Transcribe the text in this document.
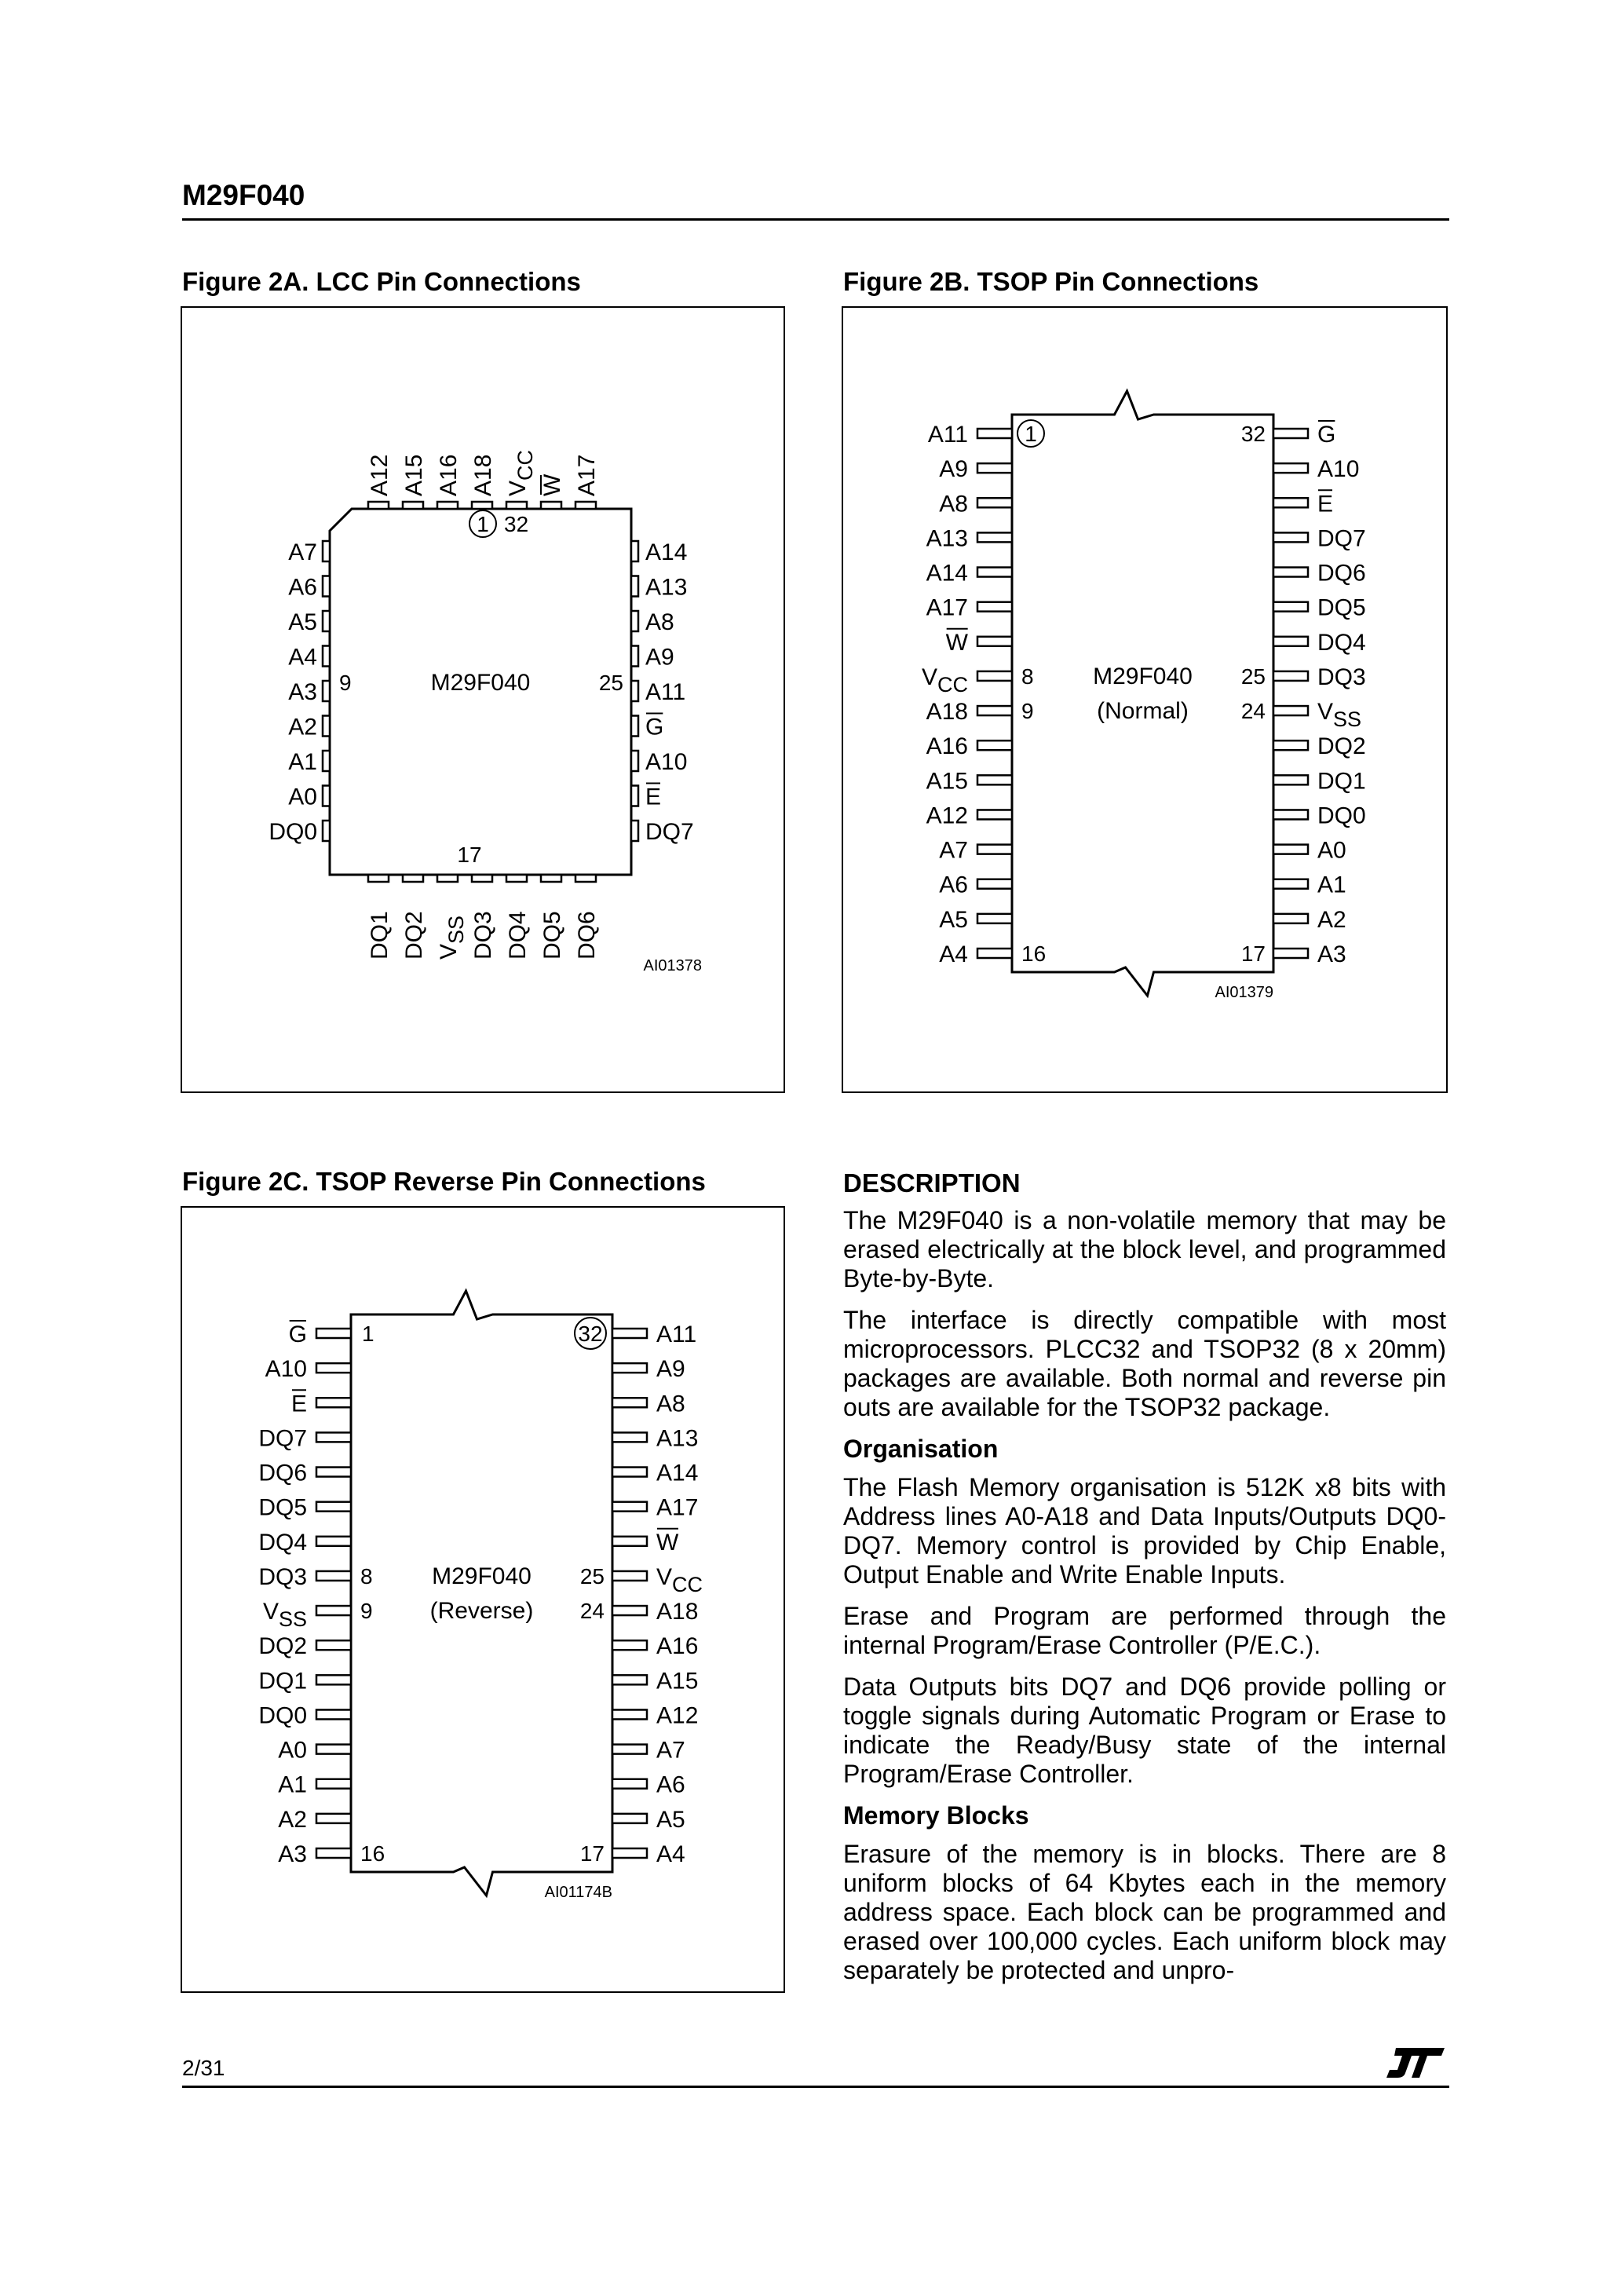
M29F040
Figure 2A. LCC Pin Connections
A7
A6
A5
A4
A3
A2
A1
A0
DQ0
A14
A13
A8
A9
A11
G
A10
E
DQ7
A12 A15 A16 A18 VCC
W A17
DQ1 DQ2 VSS DQ3 DQ4 DQ5 DQ6
1 32
9	25
17
M29F040
AI01378
Figure 2B. TSOP Pin Connections
A11	G
A9	A10
A8	E
A13	DQ7
A14	DQ6
A17	DQ5
W	DQ4
VCC	DQ3
A18	VSS
A16	DQ2
A15	DQ1
A12	DQ0
A7	A0
A6	A1
A5	A2
A4	A3
1	32
8
9
25
24
16	17
M29F040
(Normal)
AI01379
Figure 2C. TSOP Reverse Pin Connections
G	A11
A10	A9
E	A8
DQ7	A13
DQ6	A14
DQ5	A17
DQ4	W
DQ3	VCC
VSS	A18
DQ2	A16
DQ1	A15
DQ0	A12
A0	A7
A1	A6
A2	A5
A3	A4
1	32
8
9
25
24
16	17
M29F040
(Reverse)
AI01174B
DESCRIPTION

The M29F040 is a non-volatile memory that may be erased electrically at the block level, and programmed Byte-by-Byte.

The interface is directly compatible with most microprocessors. PLCC32 and TSOP32 (8 x 20mm) packages are available. Both normal and reverse pin outs are available for the TSOP32 package.

Organisation

The Flash Memory organisation is 512K x8 bits with Address lines A0-A18 and Data Inputs/Outputs DQ0-DQ7. Memory control is provided by Chip Enable, Output Enable and Write Enable Inputs.

Erase and Program are performed through the internal Program/Erase Controller (P/E.C.).

Data Outputs bits DQ7 and DQ6 provide polling or toggle signals during Automatic Program or Erase to indicate the Ready/Busy state of the internal Program/Erase Controller.

Memory Blocks

Erasure of the memory is in blocks. There are 8 uniform blocks of 64 Kbytes each in the memory address space. Each block can be programmed and erased over 100,000 cycles. Each uniform block may separately be protected and unpro-

2/31
